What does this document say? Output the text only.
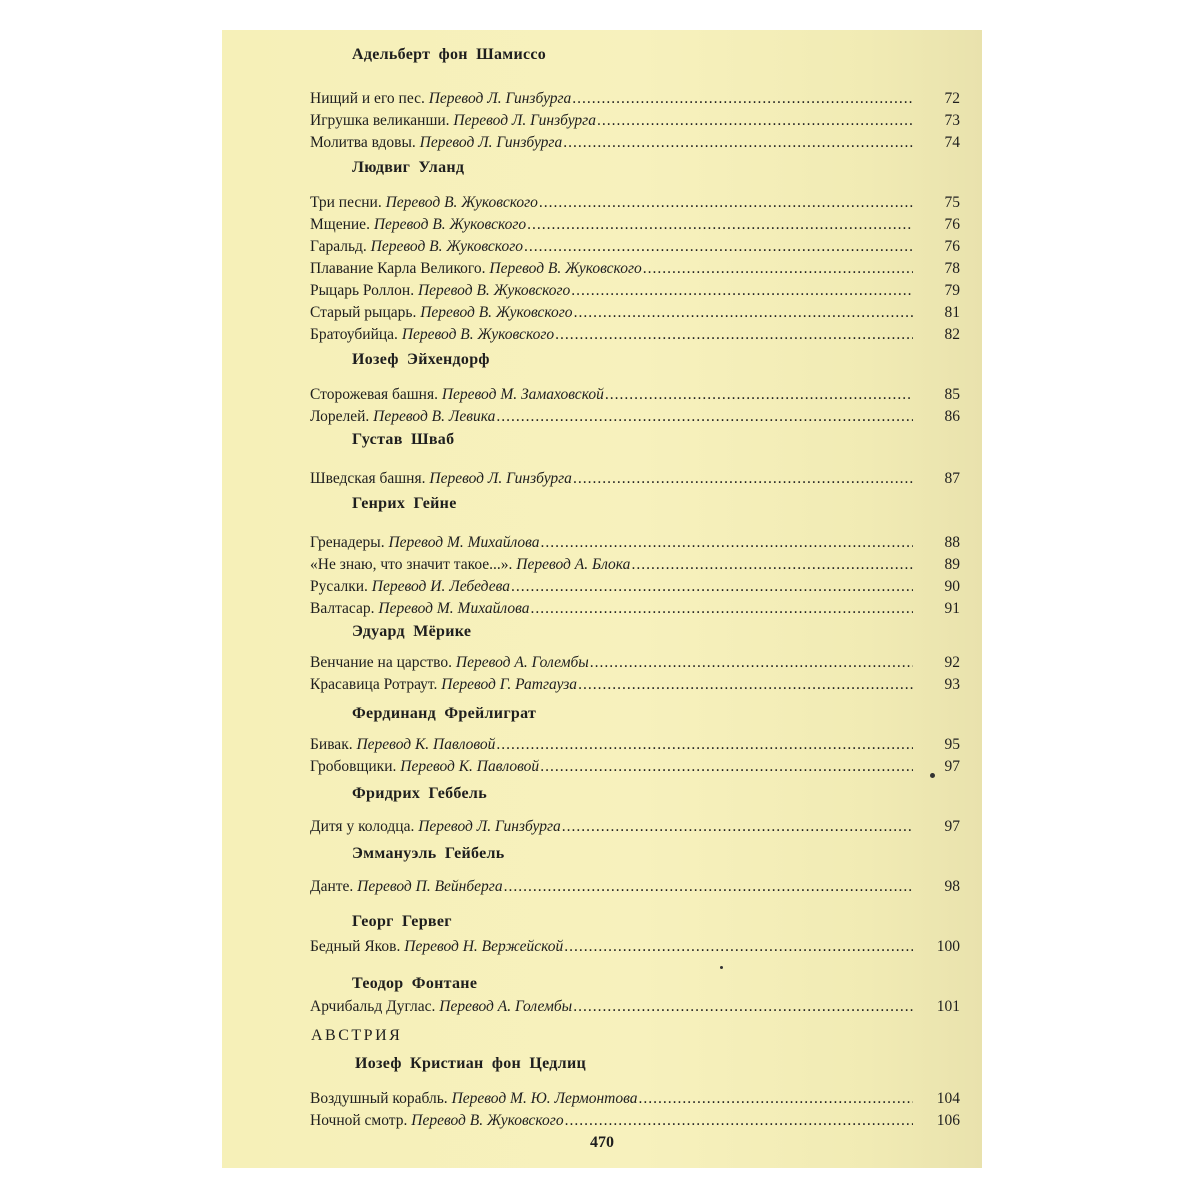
Адельберт фон Шамиссо
Нищий и его пес. Перевод Л. Гинзбурга .....	72
Игрушка великанши. Перевод Л. Гинзбурга .....	73
Молитва вдовы. Перевод Л. Гинзбурга .....	74
Людвиг Уланд
Три песни. Перевод В. Жуковского .....	75
Мщение. Перевод В. Жуковского .....	76
Гаральд. Перевод В. Жуковского .....	76
Плавание Карла Великого. Перевод В. Жуковского .....	78
Рыцарь Роллон. Перевод В. Жуковского .....	79
Старый рыцарь. Перевод В. Жуковского .....	81
Братоубийца. Перевод В. Жуковского .....	82
Иозеф Эйхендорф
Сторожевая башня. Перевод М. Замаховской .....	85
Лорелей. Перевод В. Левика .....	86
Густав Шваб
Шведская башня. Перевод Л. Гинзбурга .....	87
Генрих Гейне
Гренадеры. Перевод М. Михайлова .....	88
«Не знаю, что значит такое...». Перевод А. Блока .....	89
Русалки. Перевод И. Лебедева .....	90
Валтасар. Перевод М. Михайлова .....	91
Эдуард Мёрике
Венчание на царство. Перевод А. Голембы .....	92
Красавица Ротраут. Перевод Г. Ратгауза .....	93
Фердинанд Фрейлиграт
Бивак. Перевод К. Павловой .....	95
Гробовщики. Перевод К. Павловой .....	97
Фридрих Геббель
Дитя у колодца. Перевод Л. Гинзбурга .....	97
Эммануэль Гейбель
Данте. Перевод П. Вейнберга .....	98
Георг Гервег
Бедный Яков. Перевод Н. Вержейской .....	100
Теодор Фонтане
Арчибальд Дуглас. Перевод А. Голембы .....	101
АВСТРИЯ
Иозеф Кристиан фон Цедлиц
Воздушный корабль. Перевод М. Ю. Лермонтова .....	104
Ночной смотр. Перевод В. Жуковского .....	106
470
